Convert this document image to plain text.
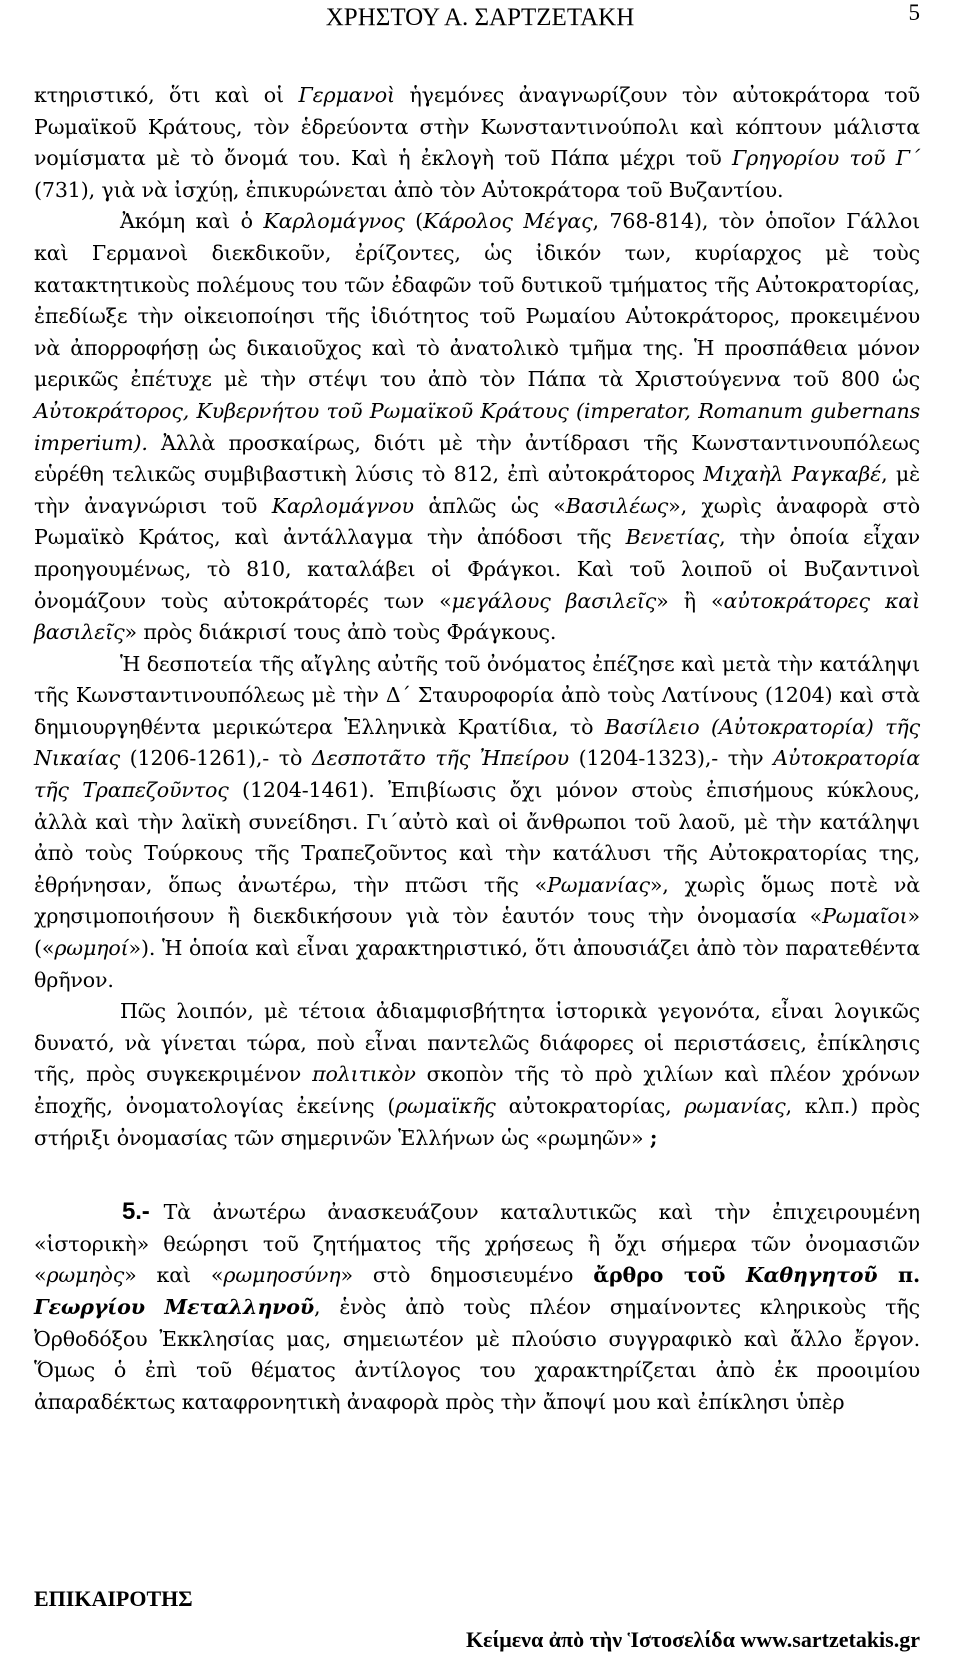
ΧΡΗΣΤΟΥ Α. ΣΑΡΤΖΕΤΑΚΗ	5

κτηριστικό, ὅτι καὶ οἱ Γερμανοὶ ἡγεμόνες ἀναγνωρίζουν τὸν αὐτοκράτορα τοῦ Ρωμαϊκοῦ Κράτους, τὸν ἑδρεύοντα στὴν Κωνσταντινούπολι καὶ κόπτουν μάλιστα νομίσματα μὲ τὸ ὄνομά του. Καὶ ἡ ἐκλογὴ τοῦ Πάπα μέχρι τοῦ Γρηγορίου τοῦ Γ΄ (731), γιὰ νὰ ἰσχύῃ, ἐπικυρώνεται ἀπὸ τὸν Αὐτοκράτορα τοῦ Βυζαντίου.

Ἀκόμη καὶ ὁ Καρλομάγνος (Κάρολος Μέγας, 768-814), τὸν ὁποῖον Γάλλοι καὶ Γερμανοὶ διεκδικοῦν, ἐρίζοντες, ὡς ἰδικόν των, κυρίαρχος μὲ τοὺς κατακτητικοὺς πολέμους του τῶν ἐδαφῶν τοῦ δυτικοῦ τμήματος τῆς Αὐτοκρατορίας, ἐπεδίωξε τὴν οἰκειοποίησι τῆς ἰδιότητος τοῦ Ρωμαίου Αὐτοκράτορος, προκειμένου νὰ ἀπορροφήσῃ ὡς δικαιοῦχος καὶ τὸ ἀνατολικὸ τμῆμα της. Ἡ προσπάθεια μόνον μερικῶς ἐπέτυχε μὲ τὴν στέψι του ἀπὸ τὸν Πάπα τὰ Χριστούγεννα τοῦ 800 ὡς Αὐτοκράτορος, Κυβερνήτου τοῦ Ρωμαϊκοῦ Κράτους (imperator, Romanum gubernans imperium). Ἀλλὰ προσκαίρως, διότι μὲ τὴν ἀντίδρασι τῆς Κωνσταντινουπόλεως εὑρέθη τελικῶς συμβιβαστικὴ λύσις τὸ 812, ἐπὶ αὐτοκράτορος Μιχαὴλ Ραγκαβέ, μὲ τὴν ἀναγνώρισι τοῦ Καρλομάγνου ἁπλῶς ὡς «Βασιλέως», χωρὶς ἀναφορὰ στὸ Ρωμαϊκὸ Κράτος, καὶ ἀντάλλαγμα τὴν ἀπόδοσι τῆς Βενετίας, τὴν ὁποία εἶχαν προηγουμένως, τὸ 810, καταλάβει οἱ Φράγκοι. Καὶ τοῦ λοιποῦ οἱ Βυζαντινοὶ ὀνομάζουν τοὺς αὐτοκράτορές των «μεγάλους βασιλεῖς» ἢ «αὐτοκράτορες καὶ βασιλεῖς» πρὸς διάκρισί τους ἀπὸ τοὺς Φράγκους.

Ἡ δεσποτεία τῆς αἴγλης αὐτῆς τοῦ ὀνόματος ἐπέζησε καὶ μετὰ τὴν κατάληψι τῆς Κωνσταντινουπόλεως μὲ τὴν Δ΄ Σταυροφορία ἀπὸ τοὺς Λατίνους (1204) καὶ στὰ δημιουργηθέντα μερικώτερα Ἑλληνικὰ Κρατίδια, τὸ Βασίλειο (Αὐτοκρατορία) τῆς Νικαίας (1206-1261),- τὸ Δεσποτᾶτο τῆς Ἠπείρου (1204-1323),- τὴν Αὐτοκρατορία τῆς Τραπεζοῦντος (1204-1461). Ἐπιβίωσις ὄχι μόνον στοὺς ἐπισήμους κύκλους, ἀλλὰ καὶ τὴν λαϊκὴ συνείδησι. Γι΄αὐτὸ καὶ οἱ ἄνθρωποι τοῦ λαοῦ, μὲ τὴν κατάληψι ἀπὸ τοὺς Τούρκους τῆς Τραπεζοῦντος καὶ τὴν κατάλυσι τῆς Αὐτοκρατορίας της, ἐθρήνησαν, ὅπως ἀνωτέρω, τὴν πτῶσι τῆς «Ρωμανίας», χωρὶς ὅμως ποτὲ νὰ χρησιμοποιήσουν ἢ διεκδικήσουν γιὰ τὸν ἑαυτόν τους τὴν ὀνομασία «Ρωμαῖοι» («ρωμηοί»). Ἡ ὁποία καὶ εἶναι χαρακτηριστικό, ὅτι ἀπουσιάζει ἀπὸ τὸν παρατεθέντα θρῆνον.

Πῶς λοιπόν, μὲ τέτοια ἀδιαμφισβήτητα ἱστορικὰ γεγονότα, εἶναι λογικῶς δυνατό, νὰ γίνεται τώρα, ποὺ εἶναι παντελῶς διάφορες οἱ περιστάσεις, ἐπίκλησις τῆς, πρὸς συγκεκριμένον πολιτικὸν σκοπὸν τῆς τὸ πρὸ χιλίων καὶ πλέον χρόνων ἐποχῆς, ὀνοματολογίας ἐκείνης (ρωμαϊκῆς αὐτοκρατορίας, ρωμανίας, κλπ.) πρὸς στήριξι ὀνομασίας τῶν σημερινῶν Ἑλλήνων ὡς «ρωμηῶν» ;

5.- Τὰ ἀνωτέρω ἀνασκευάζουν καταλυτικῶς καὶ τὴν ἐπιχειρουμένη «ἱστορικὴ» θεώρησι τοῦ ζητήματος τῆς χρήσεως ἢ ὄχι σήμερα τῶν ὀνομασιῶν «ρωμηὸς» καὶ «ρωμηοσύνη» στὸ δημοσιευμένο ἄρθρο τοῦ Καθηγητοῦ π. Γεωργίου Μεταλληνοῦ, ἑνὸς ἀπὸ τοὺς πλέον σημαίνοντες κληρικοὺς τῆς Ὀρθοδόξου Ἐκκλησίας μας, σημειωτέον μὲ πλούσιο συγγραφικὸ καὶ ἄλλο ἔργον. Ὅμως ὁ ἐπὶ τοῦ θέματος ἀντίλογος του χαρακτηρίζεται ἀπὸ ἐκ προοιμίου ἀπαραδέκτως καταφρονητικὴ ἀναφορὰ πρὸς τὴν ἄποψί μου καὶ ἐπίκλησι ὑπὲρ

ΕΠΙΚΑΙΡΟΤΗΣ
Κείμενα ἀπὸ τὴν Ἱστοσελίδα www.sartzetakis.gr
